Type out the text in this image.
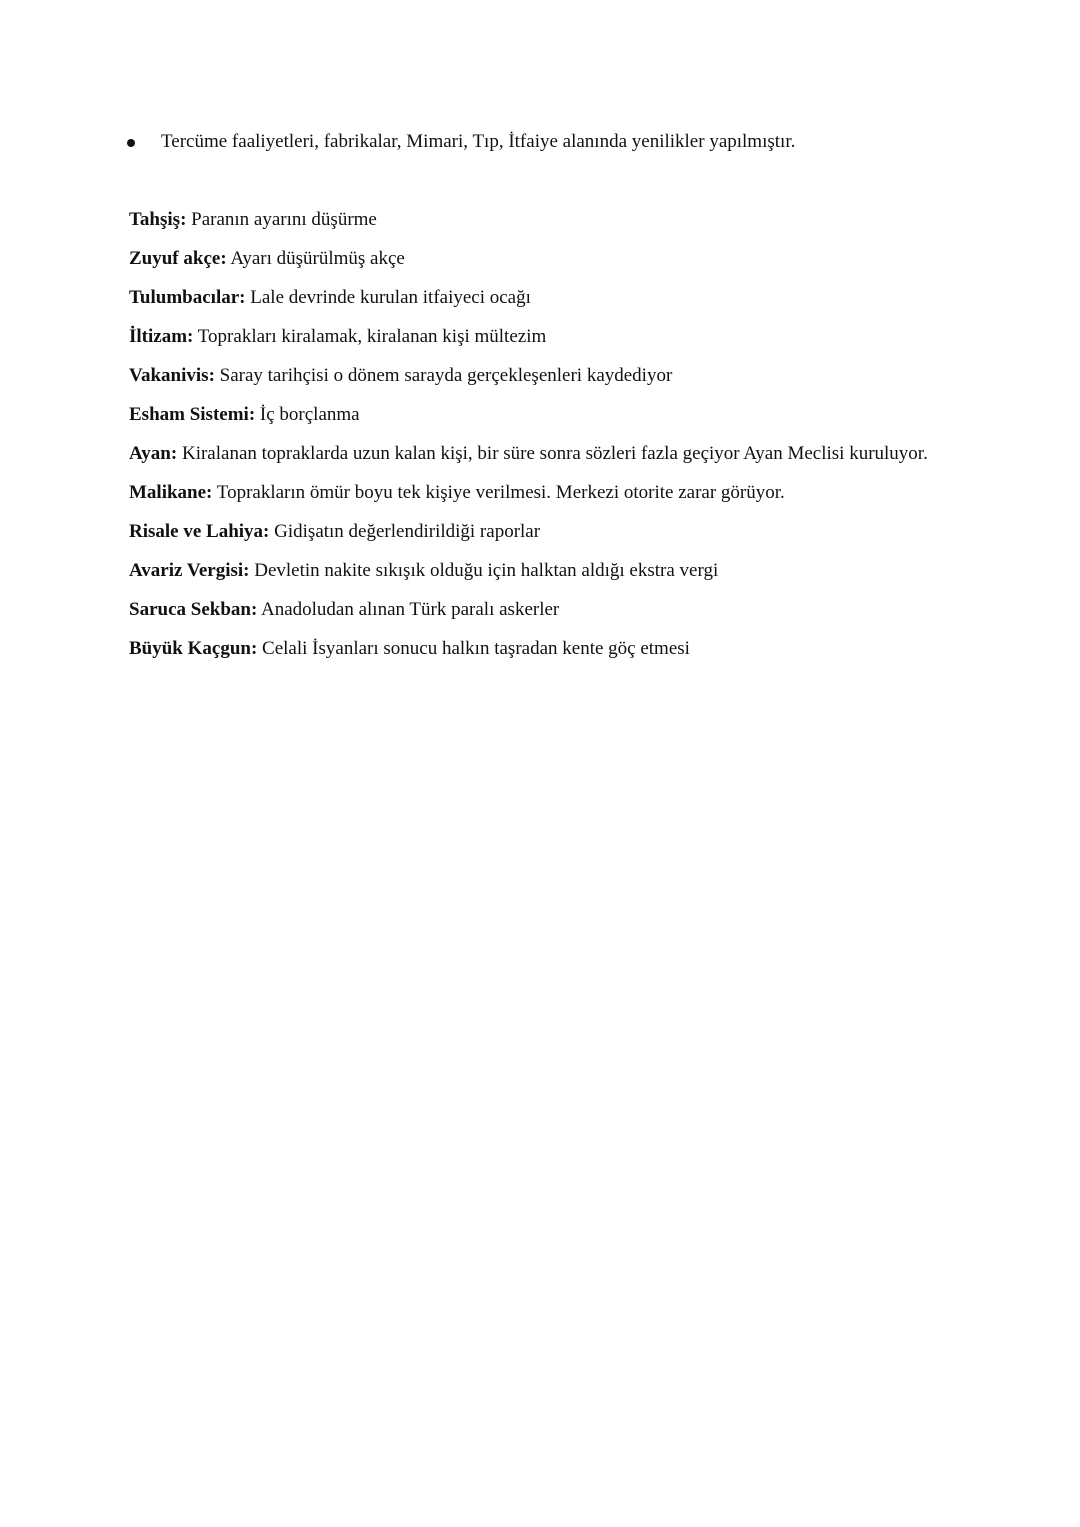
Tercüme faaliyetleri, fabrikalar, Mimari, Tıp, İtfaiye alanında yenilikler yapılmıştır.

Tahşiş: Paranın ayarını düşürme

Zuyuf akçe: Ayarı düşürülmüş akçe

Tulumbacılar: Lale devrinde kurulan itfaiyeci ocağı

İltizam: Toprakları kiralamak, kiralanan kişi mültezim

Vakanivis: Saray tarihçisi o dönem sarayda gerçekleşenleri kaydediyor

Esham Sistemi: İç borçlanma

Ayan: Kiralanan topraklarda uzun kalan kişi, bir süre sonra sözleri fazla geçiyor Ayan Meclisi kuruluyor.

Malikane: Toprakların ömür boyu tek kişiye verilmesi. Merkezi otorite zarar görüyor.

Risale ve Lahiya: Gidişatın değerlendirildiği raporlar

Avariz Vergisi: Devletin nakite sıkışık olduğu için halktan aldığı ekstra vergi

Saruca Sekban: Anadoludan alınan Türk paralı askerler

Büyük Kaçgun: Celali İsyanları sonucu halkın taşradan kente göç etmesi
